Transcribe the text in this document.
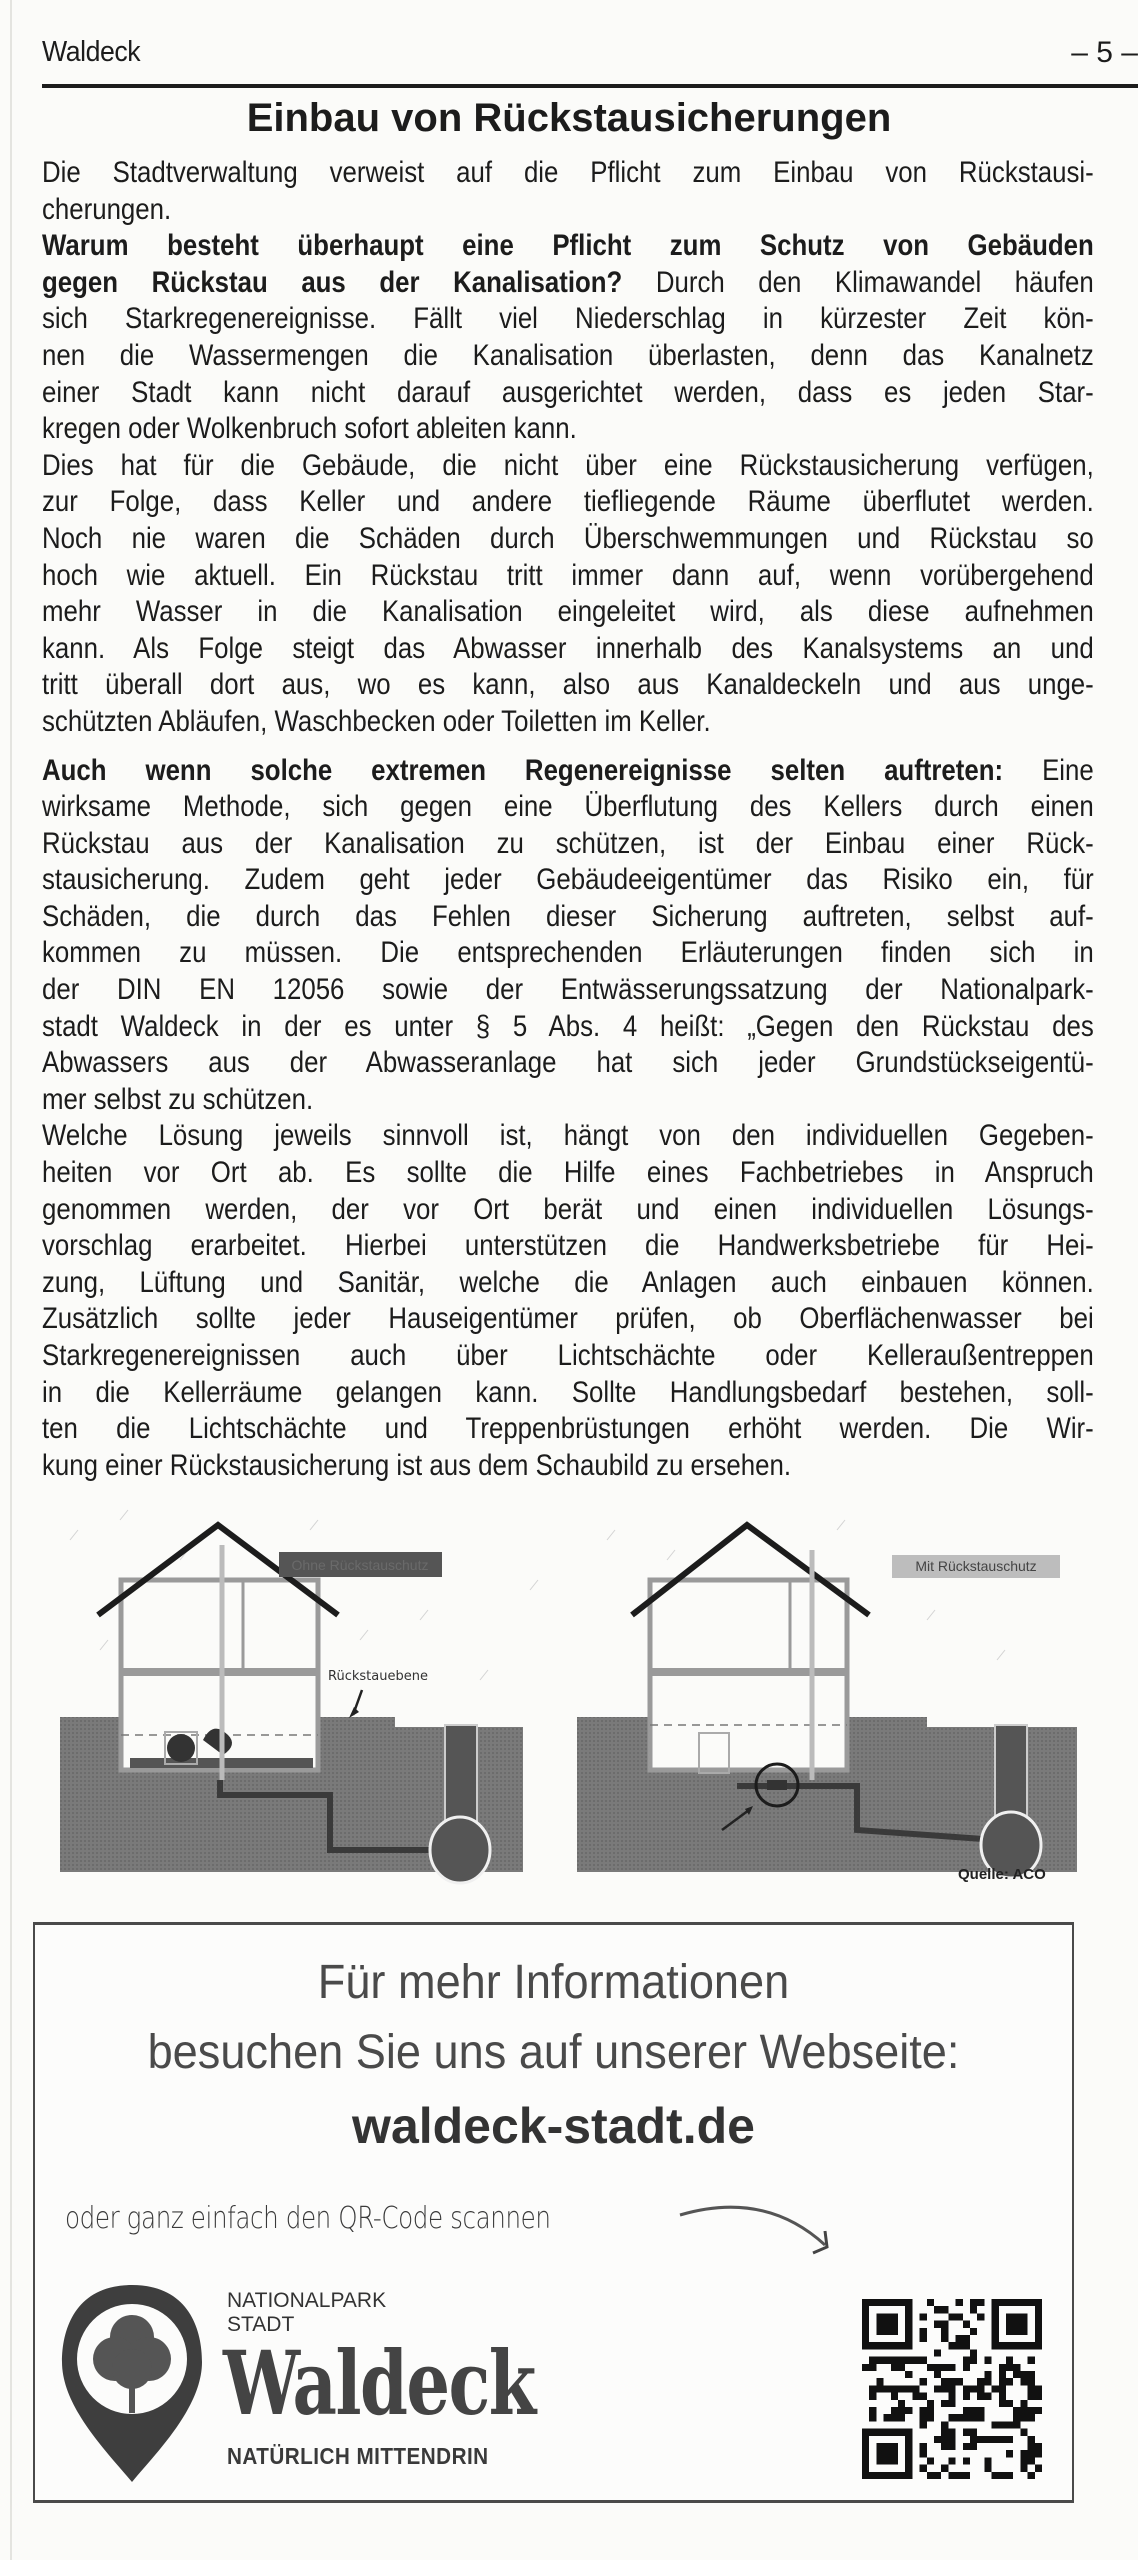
Waldeck	– 5 –
Einbau von Rückstausicherungen
Die Stadtverwaltung verweist auf die Pflicht zum Einbau von Rückstausi-
cherungen.
Warum besteht überhaupt eine Pflicht zum Schutz von Gebäuden
gegen Rückstau aus der Kanalisation? Durch den Klimawandel häufen
sich Starkregenereignisse. Fällt viel Niederschlag in kürzester Zeit kön-
nen die Wassermengen die Kanalisation überlasten, denn das Kanalnetz
einer Stadt kann nicht darauf ausgerichtet werden, dass es jeden Star-
kregen oder Wolkenbruch sofort ableiten kann.
Dies hat für die Gebäude, die nicht über eine Rückstausicherung verfügen,
zur Folge, dass Keller und andere tiefliegende Räume überflutet werden.
Noch nie waren die Schäden durch Überschwemmungen und Rückstau so
hoch wie aktuell. Ein Rückstau tritt immer dann auf, wenn vorübergehend
mehr Wasser in die Kanalisation eingeleitet wird, als diese aufnehmen
kann. Als Folge steigt das Abwasser innerhalb des Kanalsystems an und
tritt überall dort aus, wo es kann, also aus Kanaldeckeln und aus unge-
schützten Abläufen, Waschbecken oder Toiletten im Keller.
Auch wenn solche extremen Regenereignisse selten auftreten: Eine
wirksame Methode, sich gegen eine Überflutung des Kellers durch einen
Rückstau aus der Kanalisation zu schützen, ist der Einbau einer Rück-
stausicherung. Zudem geht jeder Gebäudeeigentümer das Risiko ein, für
Schäden, die durch das Fehlen dieser Sicherung auftreten, selbst auf-
kommen zu müssen. Die entsprechenden Erläuterungen finden sich in
der DIN EN 12056 sowie der Entwässerungssatzung der Nationalpark-
stadt Waldeck in der es unter § 5 Abs. 4 heißt: „Gegen den Rückstau des
Abwassers aus der Abwasseranlage hat sich jeder Grundstückseigentü-
mer selbst zu schützen.
Welche Lösung jeweils sinnvoll ist, hängt von den individuellen Gegeben-
heiten vor Ort ab. Es sollte die Hilfe eines Fachbetriebes in Anspruch
genommen werden, der vor Ort berät und einen individuellen Lösungs-
vorschlag erarbeitet. Hierbei unterstützen die Handwerksbetriebe für Hei-
zung, Lüftung und Sanitär, welche die Anlagen auch einbauen können.
Zusätzlich sollte jeder Hauseigentümer prüfen, ob Oberflächenwasser bei
Starkregenereignissen auch über Lichtschächte oder Kelleraußentreppen
in die Kellerräume gelangen kann. Sollte Handlungsbedarf bestehen, soll-
ten die Lichtschächte und Treppenbrüstungen erhöht werden. Die Wir-
kung einer Rückstausicherung ist aus dem Schaubild zu ersehen.
Ohne Rückstauschutz
Rückstauebene
Mit Rückstauschutz
Quelle: ACO
Für mehr Informationen
besuchen Sie uns auf unserer Webseite:
waldeck-stadt.de
oder ganz einfach den QR-Code scannen
NATIONALPARK
STADT
Waldeck
NATÜRLICH MITTENDRIN
